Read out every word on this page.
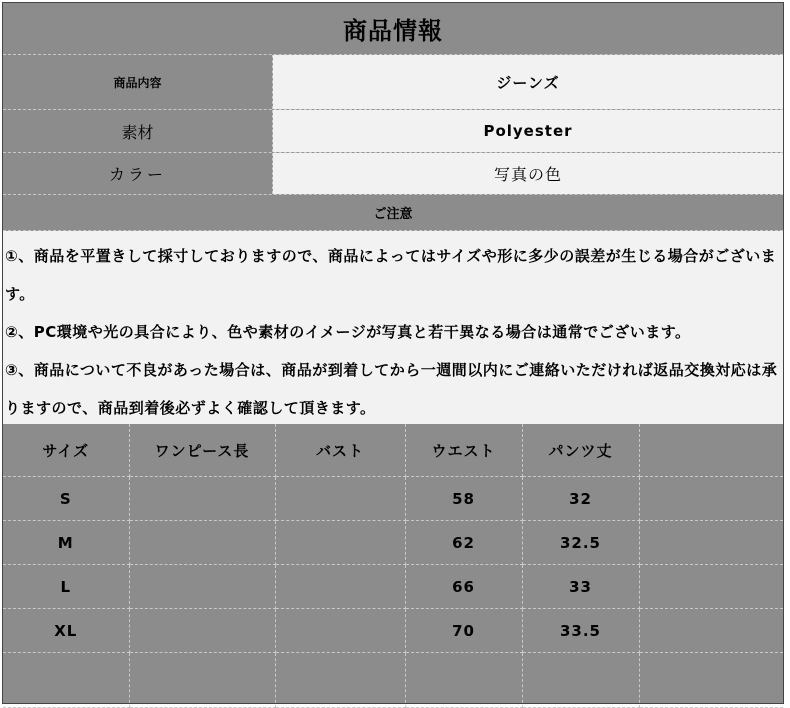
商品情報
商品内容	ジーンズ
素材	Polyester
カラー	写真の色
ご注意

①、商品を平置きして採寸しておりますので、商品によってはサイズや形に多少の誤差が生じる場合がございます。

②、PC環境や光の具合により、色や素材のイメージが写真と若干異なる場合は通常でございます。

③、商品について不良があった場合は、商品が到着してから一週間以内にご連絡いただければ返品交換対応は承りますので、商品到着後必ずよく確認して頂きます。

サイズ	ワンピース長	バスト	ウエスト	パンツ丈	
S			58	32	
M			62	32.5	
L			66	33	
XL			70	33.5	
